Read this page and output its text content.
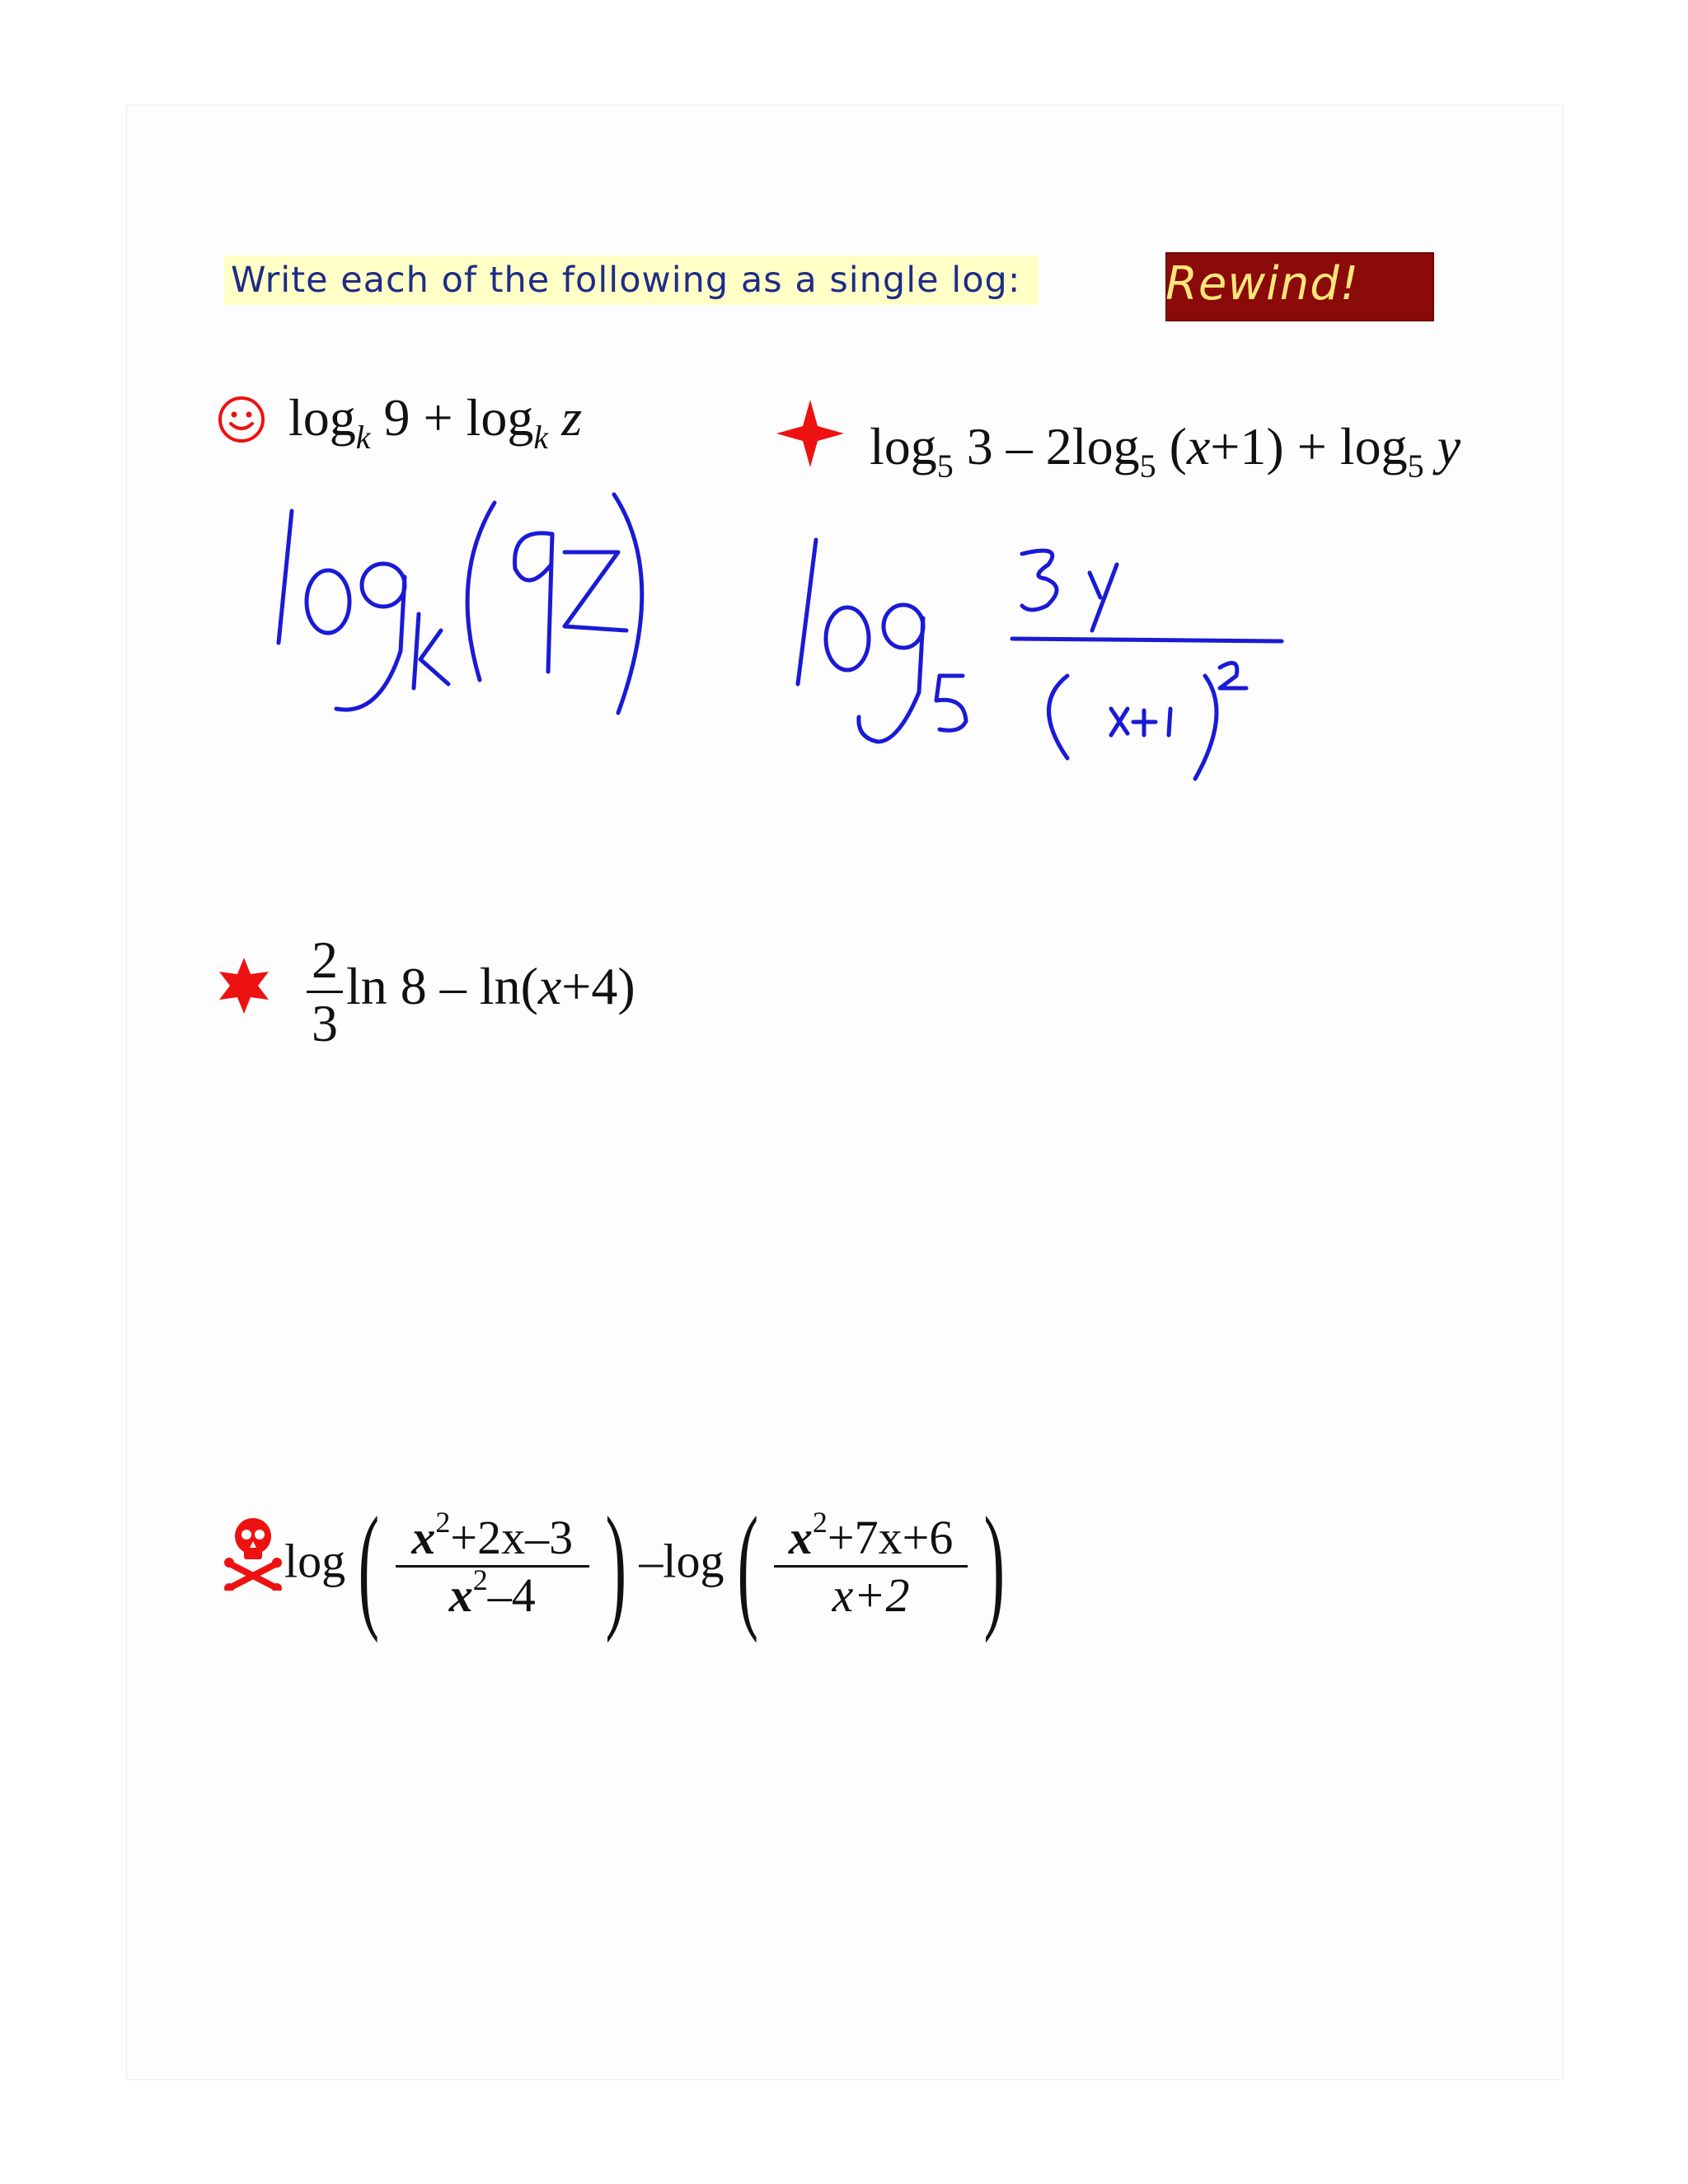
Write each of the following as a single log:	Rewind!
$\log_k 9 + \log_k z$	$\log_5 3 - 2\log_5$ $(x+1) + \log_5 y$
$\frac{2}{3}$ ln 8 – ln(x+4)
$\log( \frac{x^2+2x-3}{x^2-4}$ ) $-\log( \frac{x^2+7x+6}{x+2}$ )
